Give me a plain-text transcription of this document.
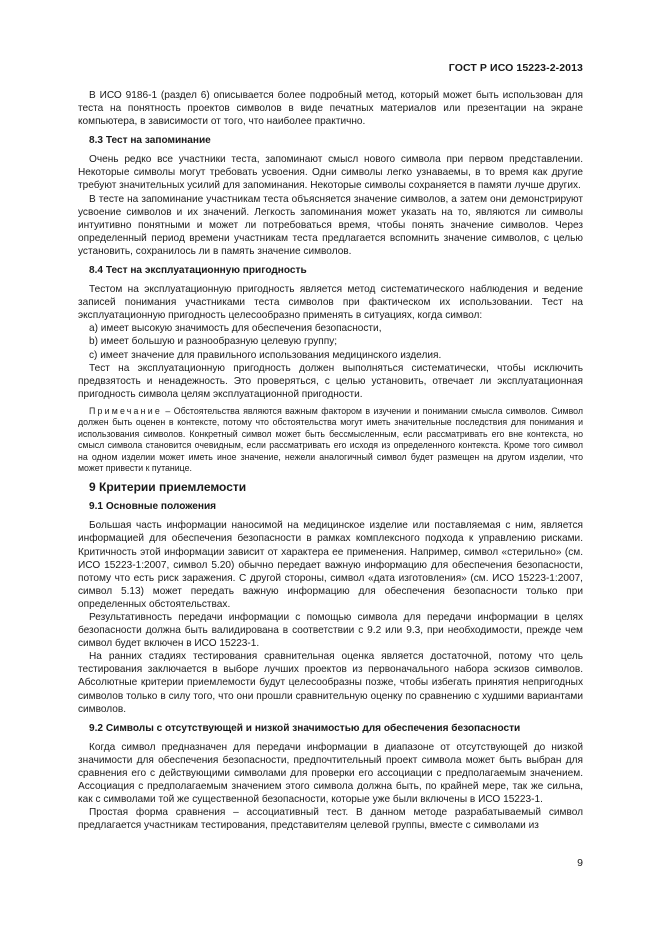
ГОСТ Р ИСО 15223-2-2013

В ИСО 9186-1 (раздел 6) описывается более подробный метод, который может быть использован для теста на понятность проектов символов в виде печатных материалов или презентации на экране компьютера, в зависимости от того, что наиболее практично.

8.3 Тест на запоминание

Очень редко все участники теста, запоминают смысл нового символа при первом представлении. Некоторые символы могут требовать усвоения. Одни символы легко узнаваемы, в то время как другие требуют значительных усилий для запоминания. Некоторые символы сохраняется в памяти лучше других.

В тесте на запоминание участникам теста объясняется значение символов, а затем они демонстрируют усвоение символов и их значений. Легкость запоминания может указать на то, являются ли символы интуитивно понятными и может ли потребоваться время, чтобы понять значение символов. Через определенный период времени участникам теста предлагается вспомнить значение символов, с целью установить, сохранилось ли в память значение символов.

8.4 Тест на эксплуатационную пригодность

Тестом на эксплуатационную пригодность является метод систематического наблюдения и ведение записей понимания участниками теста символов при фактическом их использовании. Тест на эксплуатационную пригодность целесообразно применять в ситуациях, когда символ:

a) имеет высокую значимость для обеспечения безопасности,
b) имеет большую и разнообразную целевую группу;
c) имеет значение для правильного использования медицинского изделия.

Тест на эксплуатационную пригодность должен выполняться систематически, чтобы исключить предвзятость и ненадежность. Это проверяться, с целью установить, отвечает ли эксплуатационная пригодность символа целям эксплуатационной пригодности.

Примечание – Обстоятельства являются важным фактором в изучении и понимании смысла символов. Символ должен быть оценен в контексте, потому что обстоятельства могут иметь значительные последствия для понимания и использования символов. Конкретный символ может быть бессмысленным, если рассматривать его вне контекста, но смысл символа становится очевидным, если рассматривать его исходя из определенного контекста. Кроме того символ на одном изделии может иметь иное значение, нежели аналогичный символ будет размещен на другом изделии, что может привести к путанице.
9 Критерии приемлемости
9.1 Основные положения

Большая часть информации наносимой на медицинское изделие или поставляемая с ним, является информацией для обеспечения безопасности в рамках комплексного подхода к управлению рисками. Критичность этой информации зависит от характера ее применения. Например, символ «стерильно» (см. ИСО 15223-1:2007, символ 5.20) обычно передает важную информацию для обеспечения безопасности, потому что есть риск заражения. С другой стороны, символ «дата изготовления» (см. ИСО 15223-1:2007, символ 5.13) может передать важную информацию для обеспечения безопасности только при определенных обстоятельствах.

Результативность передачи информации с помощью символа для передачи информации в целях безопасности должна быть валидирована в соответствии с 9.2 или 9.3, при необходимости, прежде чем символ будет включен в ИСО 15223-1.

На ранних стадиях тестирования сравнительная оценка является достаточной, потому что цель тестирования заключается в выборе лучших проектов из первоначального набора эскизов символов. Абсолютные критерии приемлемости будут целесообразны позже, чтобы избегать принятия непригодных символов только в силу того, что они прошли сравнительную оценку по сравнению с худшими вариантами символов.

9.2 Символы с отсутствующей и низкой значимостью для обеспечения безопасности

Когда символ предназначен для передачи информации в диапазоне от отсутствующей до низкой значимости для обеспечения безопасности, предпочтительный проект символа может быть выбран для сравнения его с действующими символами для проверки его ассоциации с предполагаемым значением. Ассоциация с предполагаемым значением этого символа должна быть, по крайней мере, так же сильна, как с символами той же существенной безопасности, которые уже были включены в ИСО 15223-1.

Простая форма сравнения – ассоциативный тест. В данном методе разрабатываемый символ предлагается участникам тестирования, представителям целевой группы, вместе с символами из

9
